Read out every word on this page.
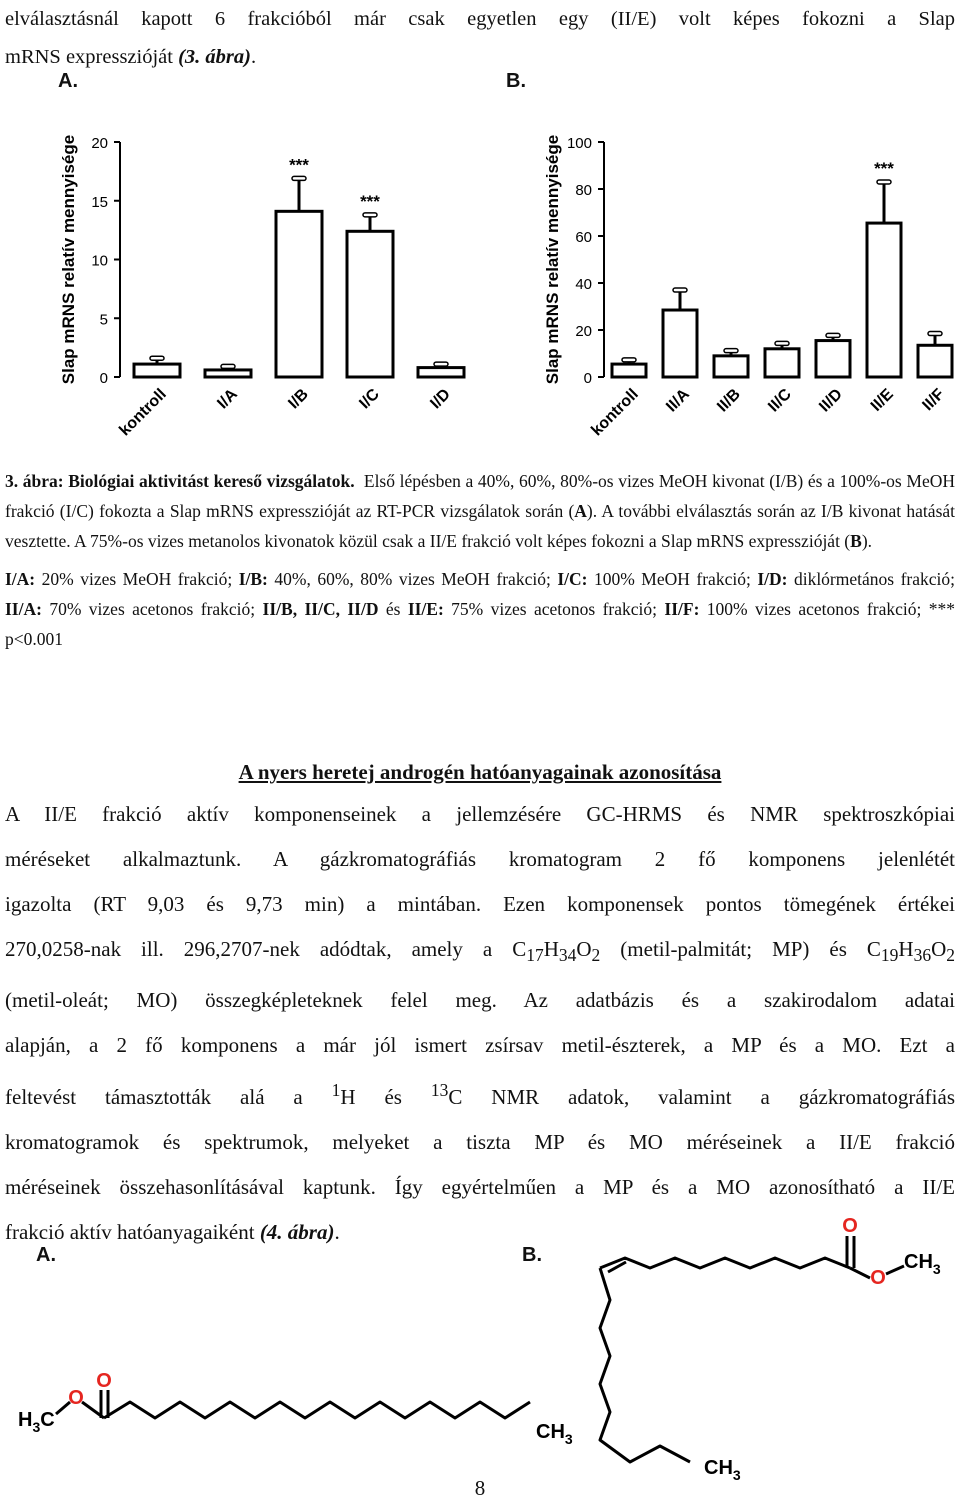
elválasztásnál kapott 6 frakcióból már csak egyetlen egy (II/E) volt képes fokozni a Slap

mRNS expresszióját (3. ábra).

A.	B.
Slap mRNS relatív mennyisége 0
5
10
15
20
kontroll	I/A
***
I/B
***
I/C	I/D
Slap mRNS relatív mennyisége 0
20
40
60
80
100
kontroll II/A II/B II/C II/D
***
II/E II/F

3. ábra: Biológiai aktivitást kereső vizsgálatok. Első lépésben a 40%, 60%, 80%-os vizes MeOH kivonat (I/B) és a 100%-os MeOH frakció (I/C) fokozta a Slap mRNS expresszióját az RT-PCR vizsgálatok során (A). A további elválasztás során az I/B kivonat hatását vesztette. A 75%-os vizes metanolos kivonatok közül csak a II/E frakció volt képes fokozni a Slap mRNS expresszióját (B).

I/A: 20% vizes MeOH frakció; I/B: 40%, 60%, 80% vizes MeOH frakció; I/C: 100% MeOH frakció; I/D: diklórmetános frakció; II/A: 70% vizes acetonos frakció; II/B, II/C, II/D és II/E: 75% vizes acetonos frakció; II/F: 100% vizes acetonos frakció; *** p<0.001

A nyers heretej androgén hatóanyagainak azonosítása

A II/E frakció aktív komponenseinek a jellemzésére GC-HRMS és NMR spektroszkópiai

méréseket alkalmaztunk. A gázkromatográfiás kromatogram 2 fő komponens jelenlétét

igazolta (RT 9,03 és 9,73 min) a mintában. Ezen komponensek pontos tömegének értékei

270,0258-nak ill. 296,2707-nek adódtak, amely a $C_{17}H_{34}O_2$ (metil-palmitát; MP) és $C_{19}H_{36}O_2$

(metil-oleát; MO) összegképleteknek felel meg. Az adatbázis és a szakirodalom adatai

alapján, a 2 fő komponens a már jól ismert zsírsav metil-észterek, a MP és a MO. Ezt a

feltevést támasztották alá a $^1$H és $^{13}$C NMR adatok, valamint a gázkromatográfiás

kromatogramok és spektrumok, melyeket a tiszta MP és MO méréseinek a II/E frakció

méréseinek összehasonlításával kaptunk. Így egyértelműen a MP és a MO azonosítható a II/E

frakció aktív hatóanyagaiként (4. ábra).

A.	B.
O
O
$H_3C$
$CH_3$
O
O
$CH_3$
$CH_3$
8
